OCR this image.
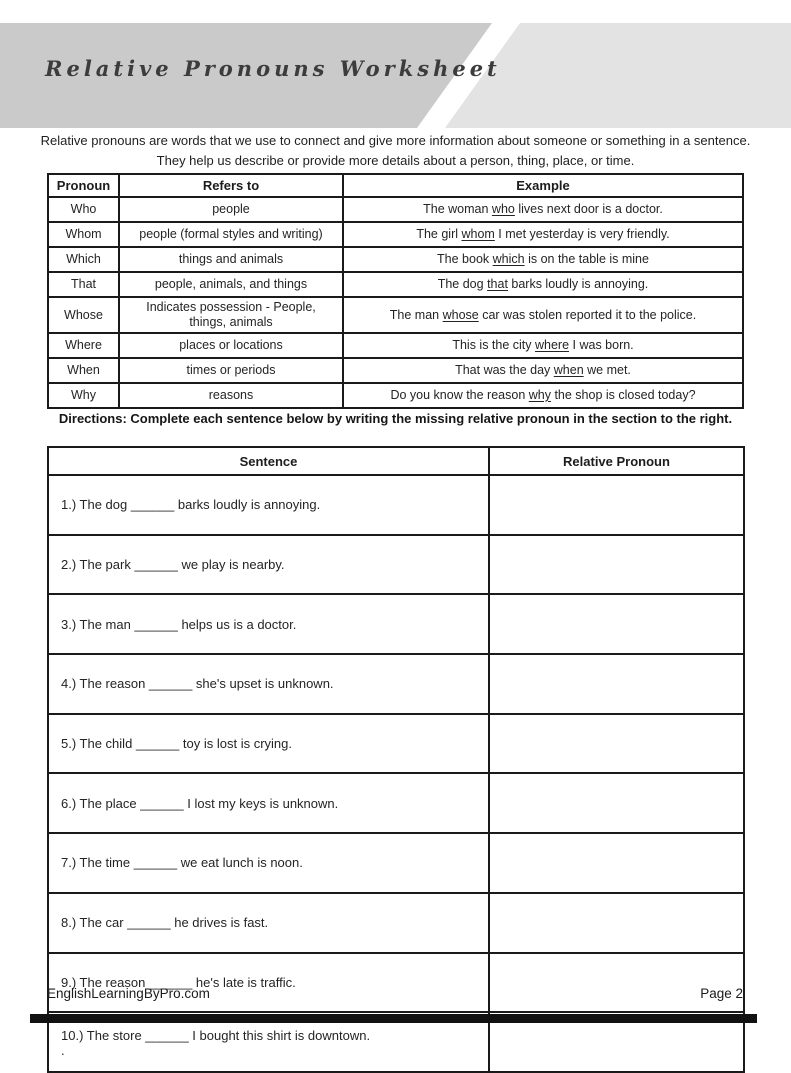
Relative Pronouns Worksheet

Relative pronouns are words that we use to connect and give more information about someone or something in a sentence. They help us describe or provide more details about a person, thing, place, or time.

Pronoun	Refers to	Example
Who	people	The woman who lives next door is a doctor.
Whom	people (formal styles and writing)	The girl whom I met yesterday is very friendly.
Which	things and animals	The book which is on the table is mine
That	people, animals, and things	The dog that barks loudly is annoying.
Whose	Indicates possession - People, things, animals	The man whose car was stolen reported it to the police.
Where	places or locations	This is the city where I was born.
When	times or periods	That was the day when we met.
Why	reasons	Do you know the reason why the shop is closed today?

Directions: Complete each sentence below by writing the missing relative pronoun in the section to the right.

Sentence	Relative Pronoun

1.) The dog ______ barks loudly is annoying.	

2.) The park ______ we play is nearby.	

3.) The man ______ helps us is a doctor.	

4.) The reason ______ she's upset is unknown.	

5.) The child ______ toy is lost is crying.	

6.) The place ______ I lost my keys is unknown.	

7.) The time ______ we eat lunch is noon.	

8.) The car ______ he drives is fast.	

9.) The reason ______ he's late is traffic.	

10.) The store ______ I bought this shirt is downtown.
.	

EnglishLearningByPro.com	Page 2
